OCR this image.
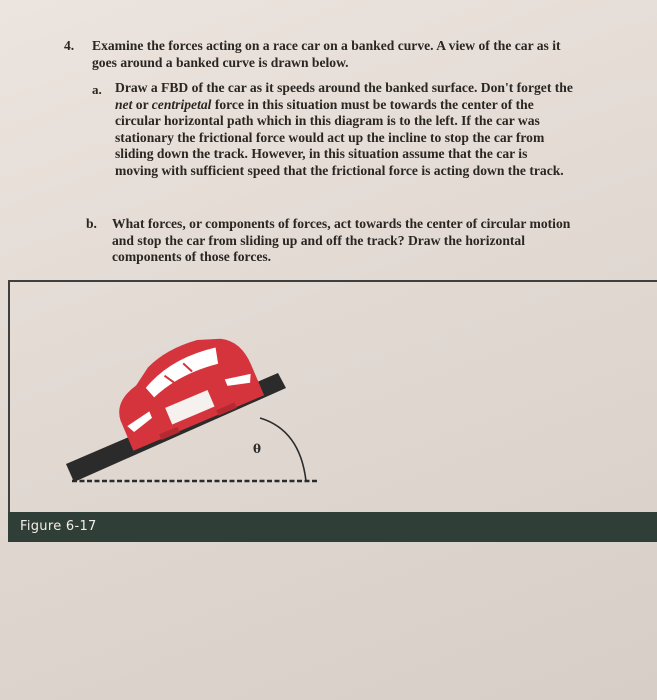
4. Examine the forces acting on a race car on a banked curve. A view of the car as it goes around a banked curve is drawn below.
a. Draw a FBD of the car as it speeds around the banked surface. Don't forget the net or centripetal force in this situation must be towards the center of the circular horizontal path which in this diagram is to the left. If the car was stationary the frictional force would act up the incline to stop the car from sliding down the track. However, in this situation assume that the car is moving with sufficient speed that the frictional force is acting down the track.
b. What forces, or components of forces, act towards the center of circular motion and stop the car from sliding up and off the track? Draw the horizontal components of those forces.
θ
Figure 6-17
